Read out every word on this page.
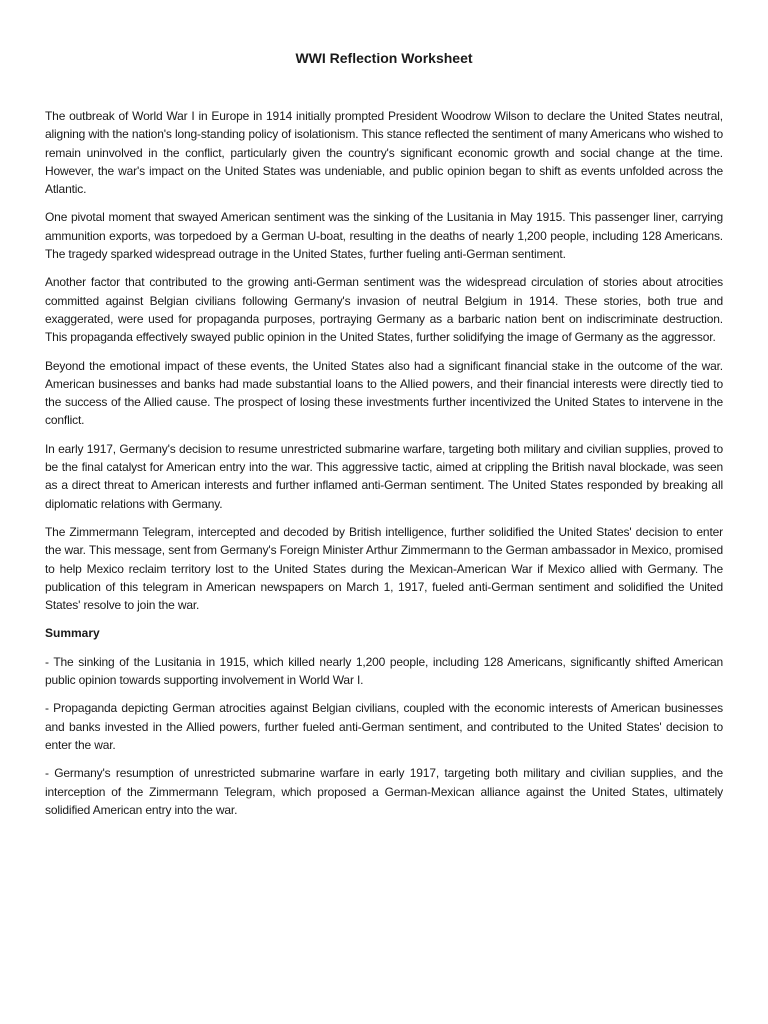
WWI Reflection Worksheet

The outbreak of World War I in Europe in 1914 initially prompted President Woodrow Wilson to declare the United States neutral, aligning with the nation's long-standing policy of isolationism. This stance reflected the sentiment of many Americans who wished to remain uninvolved in the conflict, particularly given the country's significant economic growth and social change at the time. However, the war's impact on the United States was undeniable, and public opinion began to shift as events unfolded across the Atlantic.

One pivotal moment that swayed American sentiment was the sinking of the Lusitania in May 1915. This passenger liner, carrying ammunition exports, was torpedoed by a German U-boat, resulting in the deaths of nearly 1,200 people, including 128 Americans. The tragedy sparked widespread outrage in the United States, further fueling anti-German sentiment.

Another factor that contributed to the growing anti-German sentiment was the widespread circulation of stories about atrocities committed against Belgian civilians following Germany's invasion of neutral Belgium in 1914. These stories, both true and exaggerated, were used for propaganda purposes, portraying Germany as a barbaric nation bent on indiscriminate destruction. This propaganda effectively swayed public opinion in the United States, further solidifying the image of Germany as the aggressor.

Beyond the emotional impact of these events, the United States also had a significant financial stake in the outcome of the war. American businesses and banks had made substantial loans to the Allied powers, and their financial interests were directly tied to the success of the Allied cause. The prospect of losing these investments further incentivized the United States to intervene in the conflict.

In early 1917, Germany's decision to resume unrestricted submarine warfare, targeting both military and civilian supplies, proved to be the final catalyst for American entry into the war. This aggressive tactic, aimed at crippling the British naval blockade, was seen as a direct threat to American interests and further inflamed anti-German sentiment. The United States responded by breaking all diplomatic relations with Germany.

The Zimmermann Telegram, intercepted and decoded by British intelligence, further solidified the United States' decision to enter the war. This message, sent from Germany's Foreign Minister Arthur Zimmermann to the German ambassador in Mexico, promised to help Mexico reclaim territory lost to the United States during the Mexican-American War if Mexico allied with Germany. The publication of this telegram in American newspapers on March 1, 1917, fueled anti-German sentiment and solidified the United States' resolve to join the war.

Summary

- The sinking of the Lusitania in 1915, which killed nearly 1,200 people, including 128 Americans, significantly shifted American public opinion towards supporting involvement in World War I.

- Propaganda depicting German atrocities against Belgian civilians, coupled with the economic interests of American businesses and banks invested in the Allied powers, further fueled anti-German sentiment, and contributed to the United States' decision to enter the war.

- Germany's resumption of unrestricted submarine warfare in early 1917, targeting both military and civilian supplies, and the interception of the Zimmermann Telegram, which proposed a German-Mexican alliance against the United States, ultimately solidified American entry into the war.
